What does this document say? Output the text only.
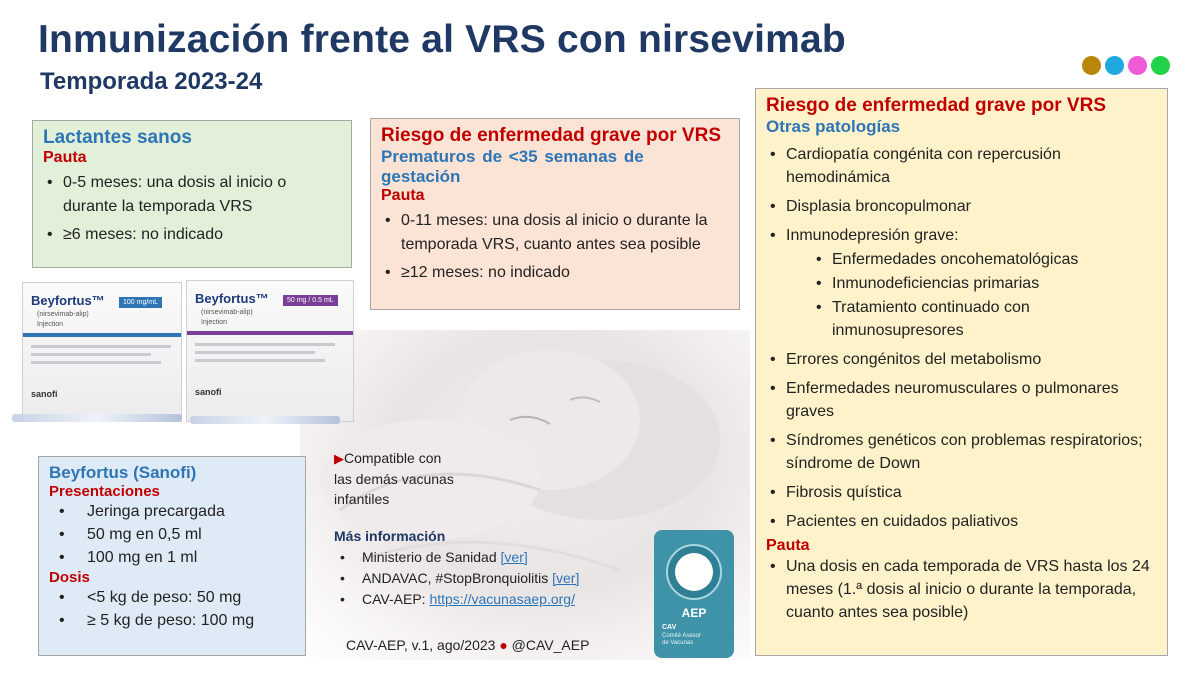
Inmunización frente al VRS con nirsevimab
Temporada 2023-24
Beyfortus™
(nirsevimab-alip)
Injection
100 mg/mL
sanofi
Beyfortus™
(nirsevimab-alip)
Injection
50 mg / 0.5 mL
sanofi
Lactantes sanos
Pauta
• 0-5 meses: una dosis al inicio o durante la temporada VRS
• ≥6 meses: no indicado
Riesgo de enfermedad grave por VRS
Prematuros de <35 semanas de gestación
Pauta
• 0-11 meses: una dosis al inicio o durante la temporada VRS, cuanto antes sea posible
• ≥12 meses: no indicado
Riesgo de enfermedad grave por VRS
Otras patologías
• Cardiopatía congénita con repercusión hemodinámica
• Displasia broncopulmonar
• Inmunodepresión grave:
• Enfermedades oncohematológicas
• Inmunodeficiencias primarias
• Tratamiento continuado con inmunosupresores
• Errores congénitos del metabolismo
• Enfermedades neuromusculares o pulmonares graves
• Síndromes genéticos con problemas respiratorios; síndrome de Down
• Fibrosis quística
• Pacientes en cuidados paliativos
Pauta
• Una dosis en cada temporada de VRS hasta los 24 meses (1.ª dosis al inicio o durante la temporada, cuanto antes sea posible)
Beyfortus (Sanofi)
Presentaciones
• Jeringa precargada
• 50 mg en 0,5 ml
• 100 mg en 1 ml
Dosis
• <5 kg de peso: 50 mg
• ≥ 5 kg de peso: 100 mg
▶Compatible con
las demás vacunas
infantiles
Más información
• Ministerio de Sanidad [ver]
• ANDAVAC, #StopBronquiolitis [ver]
• CAV-AEP: https://vacunasaep.org/
CAV-AEP, v.1, ago/2023 ● @CAV_AEP
AEP
CAV
Comité Asesor
de Vacunas
